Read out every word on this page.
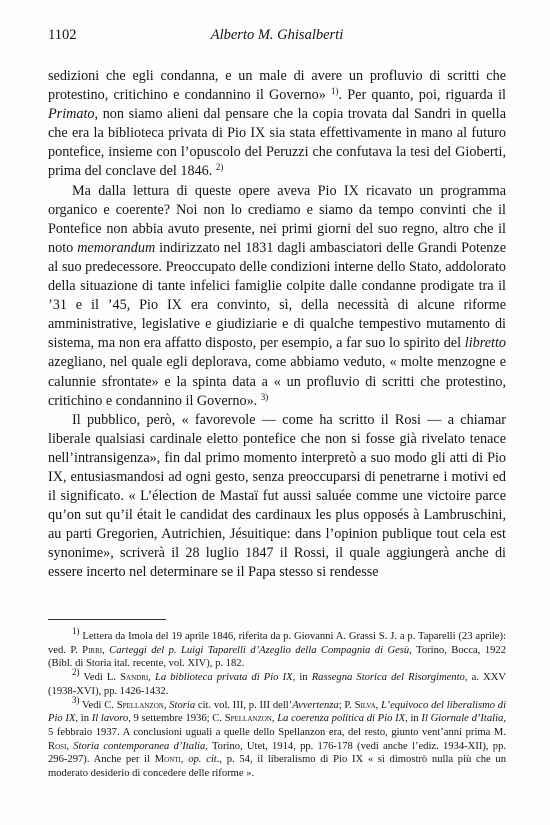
1102	Alberto M. Ghisalberti

sedizioni che egli condanna, e un male di avere un profluvio di scritti che protestino, critichino e condannino il Governo» $^{1)}$. Per quanto, poi, riguarda il Primato, non siamo alieni dal pensare che la copia trovata dal Sandri in quella che era la biblioteca privata di Pio IX sia stata effettivamente in mano al futuro pontefice, insieme con l’opuscolo del Peruzzi che confutava la tesi del Gioberti, prima del conclave del 1846. $^{2)}$

Ma dalla lettura di queste opere aveva Pio IX ricavato un programma organico e coerente? Noi non lo crediamo e siamo da tempo convinti che il Pontefice non abbia avuto presente, nei primi giorni del suo regno, altro che il noto memorandum indirizzato nel 1831 dagli ambasciatori delle Grandi Potenze al suo predecessore. Preoccupato delle condizioni interne dello Stato, addolorato della situazione di tante infelici famiglie colpite dalle condanne prodigate tra il ’31 e il ’45, Pio IX era convinto, sì, della necessità di alcune riforme amministrative, legislative e giudiziarie e di qualche tempestivo mutamento di sistema, ma non era affatto disposto, per esempio, a far suo lo spirito del libretto azegliano, nel quale egli deplorava, come abbiamo veduto, « molte menzogne e calunnie sfrontate» e la spinta data a « un profluvio di scritti che protestino, critichino e condannino il Governo». $^{3)}$

Il pubblico, però, « favorevole — come ha scritto il Rosi — a chiamar liberale qualsiasi cardinale eletto pontefice che non si fosse già rivelato tenace nell’intransigenza», fin dal primo momento interpretò a suo modo gli atti di Pio IX, entusiasmandosi ad ogni gesto, senza preoccuparsi di penetrarne i motivi ed il significato. « L’élection de Mastaï fut aussi saluée comme une victoire parce qu’on sut qu’il était le candidat des cardinaux les plus opposés à Lambruschini, au parti Gregorien, Autrichien, Jésuitique: dans l’opinion publique tout cela est synonime», scriverà il 28 luglio 1847 il Rossi, il quale aggiungerà anche di essere incerto nel determinare se il Papa stesso si rendesse

$^{1)}$ Lettera da Imola del 19 aprile 1846, riferita da p. Giovanni A. Grassi S. J. a p. Taparelli (23 aprile): ved. P. Pirri, Carteggi del p. Luigi Taparelli d’Azeglio della Compagnia di Gesù, Torino, Bocca, 1922 (Bibl. di Storia ital. recente, vol. XIV), p. 182.

$^{2)}$ Vedi L. Sandri, La biblioteca privata di Pio IX, in Rassegna Storica del Risorgimento, a. XXV (1938-XVI), pp. 1426-1432.

$^{3)}$ Vedi C. Spellanzon, Storia cit. vol. III, p. III dell’Avvertenza; P. Silva, L’equivoco del liberalismo di Pio IX, in Il lavoro, 9 settembre 1936; C. Spellanzon, La coerenza politica di Pio IX, in Il Giornale d’Italia, 5 febbraio 1937. A conclusioni uguali a quelle dello Spellanzon era, del resto, giunto vent’anni prima M. Rosi, Storia contemporanea d’Italia, Torino, Utet, 1914, pp. 176-178 (vedi anche l’ediz. 1934-XII), pp. 296-297). Anche per il Monti, op. cit., p. 54, il liberalismo di Pio IX « si dimostrò nulla più che un moderato desiderio di concedere delle riforme ».
